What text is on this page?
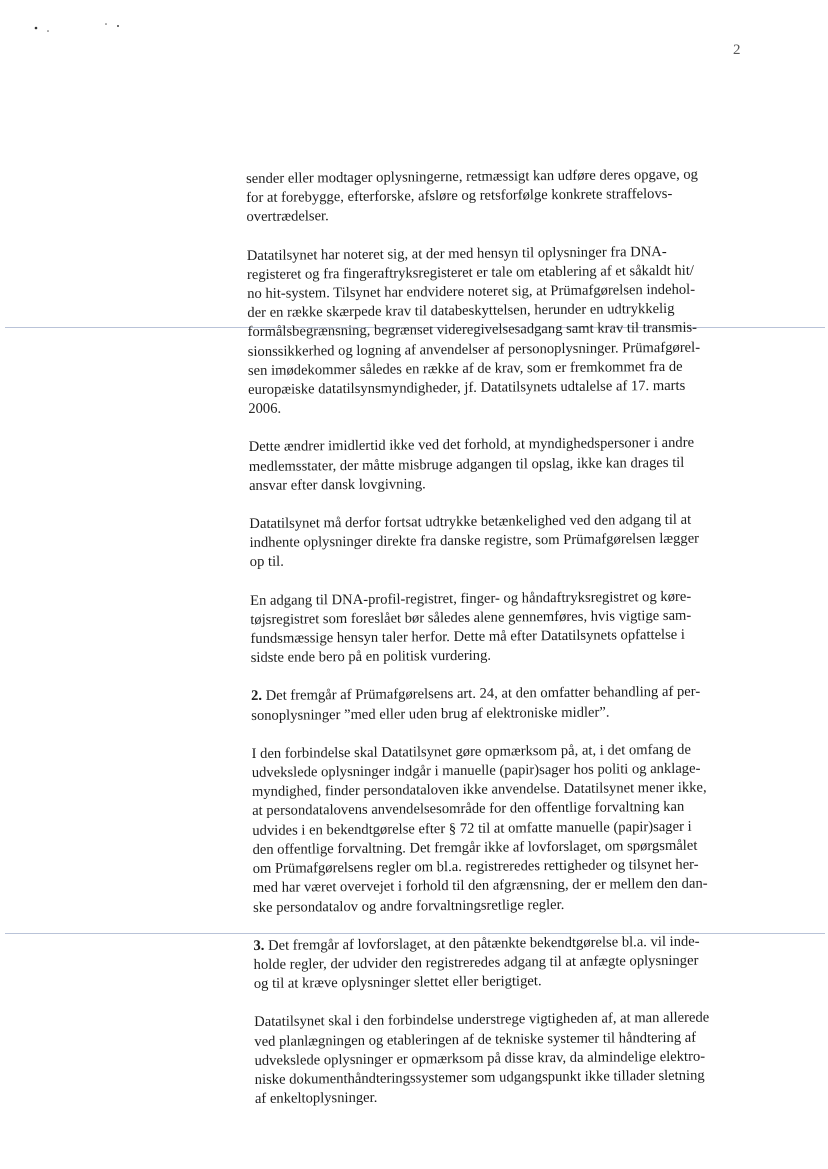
2

sender eller modtager oplysningerne, retmæssigt kan udføre deres opgave, og
for at forebygge, efterforske, afsløre og retsforfølge konkrete straffelovs-
overtrædelser.

Datatilsynet har noteret sig, at der med hensyn til oplysninger fra DNA-
registeret og fra fingeraftryksregisteret er tale om etablering af et såkaldt hit/
no hit-system. Tilsynet har endvidere noteret sig, at Prümafgørelsen indehol-
der en række skærpede krav til databeskyttelsen, herunder en udtrykkelig
formålsbegrænsning, begrænset videregivelsesadgang samt krav til transmis-
sionssikkerhed og logning af anvendelser af personoplysninger. Prümafgørel-
sen imødekommer således en række af de krav, som er fremkommet fra de
europæiske datatilsynsmyndigheder, jf. Datatilsynets udtalelse af 17. marts
2006.

Dette ændrer imidlertid ikke ved det forhold, at myndighedspersoner i andre
medlemsstater, der måtte misbruge adgangen til opslag, ikke kan drages til
ansvar efter dansk lovgivning.

Datatilsynet må derfor fortsat udtrykke betænkelighed ved den adgang til at
indhente oplysninger direkte fra danske registre, som Prümafgørelsen lægger
op til.

En adgang til DNA-profil-registret, finger- og håndaftryksregistret og køre-
tøjsregistret som foreslået bør således alene gennemføres, hvis vigtige sam-
fundsmæssige hensyn taler herfor. Dette må efter Datatilsynets opfattelse i
sidste ende bero på en politisk vurdering.

2. Det fremgår af Prümafgørelsens art. 24, at den omfatter behandling af per-
sonoplysninger ”med eller uden brug af elektroniske midler”.

I den forbindelse skal Datatilsynet gøre opmærksom på, at, i det omfang de
udvekslede oplysninger indgår i manuelle (papir)sager hos politi og anklage-
myndighed, finder persondataloven ikke anvendelse. Datatilsynet mener ikke,
at persondatalovens anvendelsesområde for den offentlige forvaltning kan
udvides i en bekendtgørelse efter § 72 til at omfatte manuelle (papir)sager i
den offentlige forvaltning. Det fremgår ikke af lovforslaget, om spørgsmålet
om Prümafgørelsens regler om bl.a. registreredes rettigheder og tilsynet her-
med har været overvejet i forhold til den afgrænsning, der er mellem den dan-
ske persondatalov og andre forvaltningsretlige regler.

3. Det fremgår af lovforslaget, at den påtænkte bekendtgørelse bl.a. vil inde-
holde regler, der udvider den registreredes adgang til at anfægte oplysninger
og til at kræve oplysninger slettet eller berigtiget.

Datatilsynet skal i den forbindelse understrege vigtigheden af, at man allerede
ved planlægningen og etableringen af de tekniske systemer til håndtering af
udvekslede oplysninger er opmærksom på disse krav, da almindelige elektro-
niske dokumenthåndteringssystemer som udgangspunkt ikke tillader sletning
af enkeltoplysninger.
